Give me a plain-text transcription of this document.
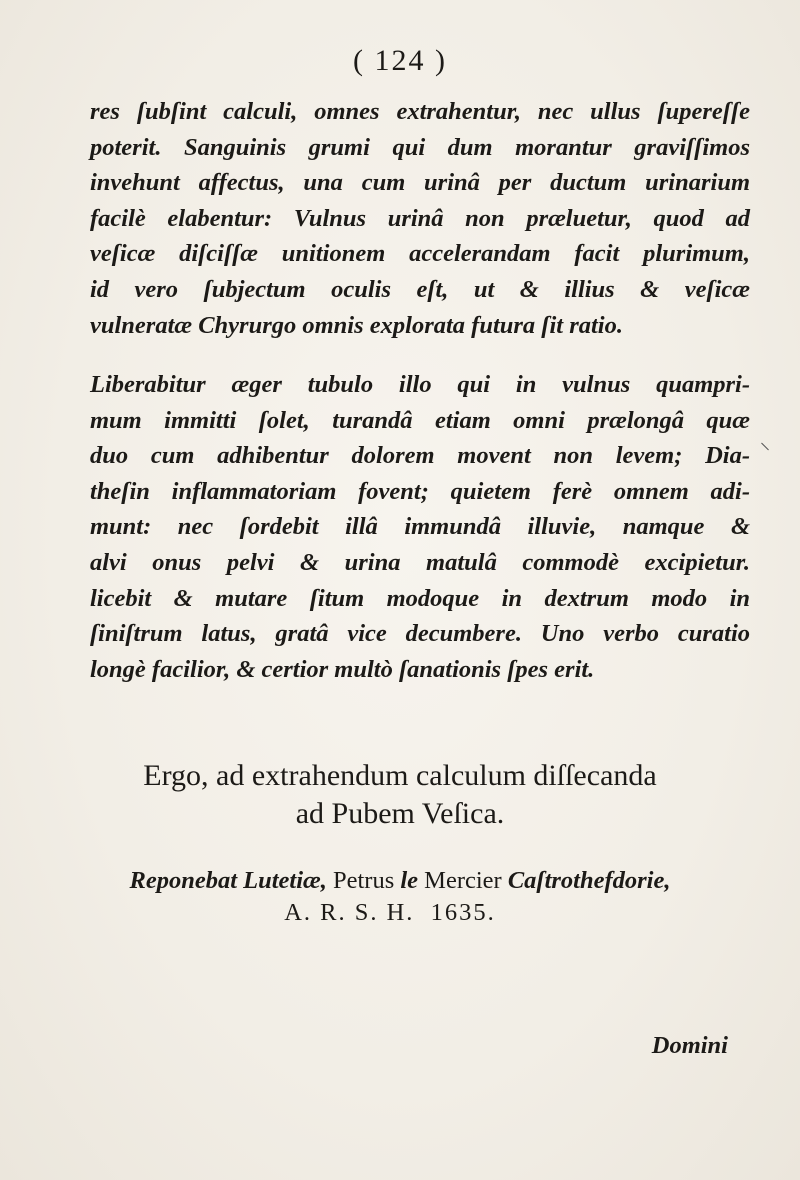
( 124 )

res ſubſint calculi, omnes extrahentur, nec ullus ſupereſſe
poterit. Sanguinis grumi qui dum morantur graviſſimos
invehunt affectus, una cum urinâ per ductum urinarium
facilè elabentur: Vulnus urinâ non præluetur, quod ad
veſicæ diſciſſæ unitionem accelerandam facit plurimum,
id vero ſubjectum oculis eſt, ut & illius & veſicæ
vulneratæ Chyrurgo omnis explorata futura ſit ratio.

Liberabitur æger tubulo illo qui in vulnus quampri-
mum immitti ſolet, turandâ etiam omni prælongâ quæ
duo cum adhibentur dolorem movent non levem; Dia-
theſin inflammatoriam fovent; quietem ferè omnem adi-
munt: nec ſordebit illâ immundâ illuvie, namque &
alvi onus pelvi & urina matulâ commodè excipietur.
licebit & mutare ſitum modoque in dextrum modo in
ſiniſtrum latus, gratâ vice decumbere. Uno verbo curatio
longè facilior, & certior multò ſanationis ſpes erit.

Ergo, ad extrahendum calculum diſſecanda
ad Pubem Veſica.
Reponebat Lutetiæ, Petrus le Mercier Caſtrothefdorie,
A. R. S. H. 1635.
Domini
